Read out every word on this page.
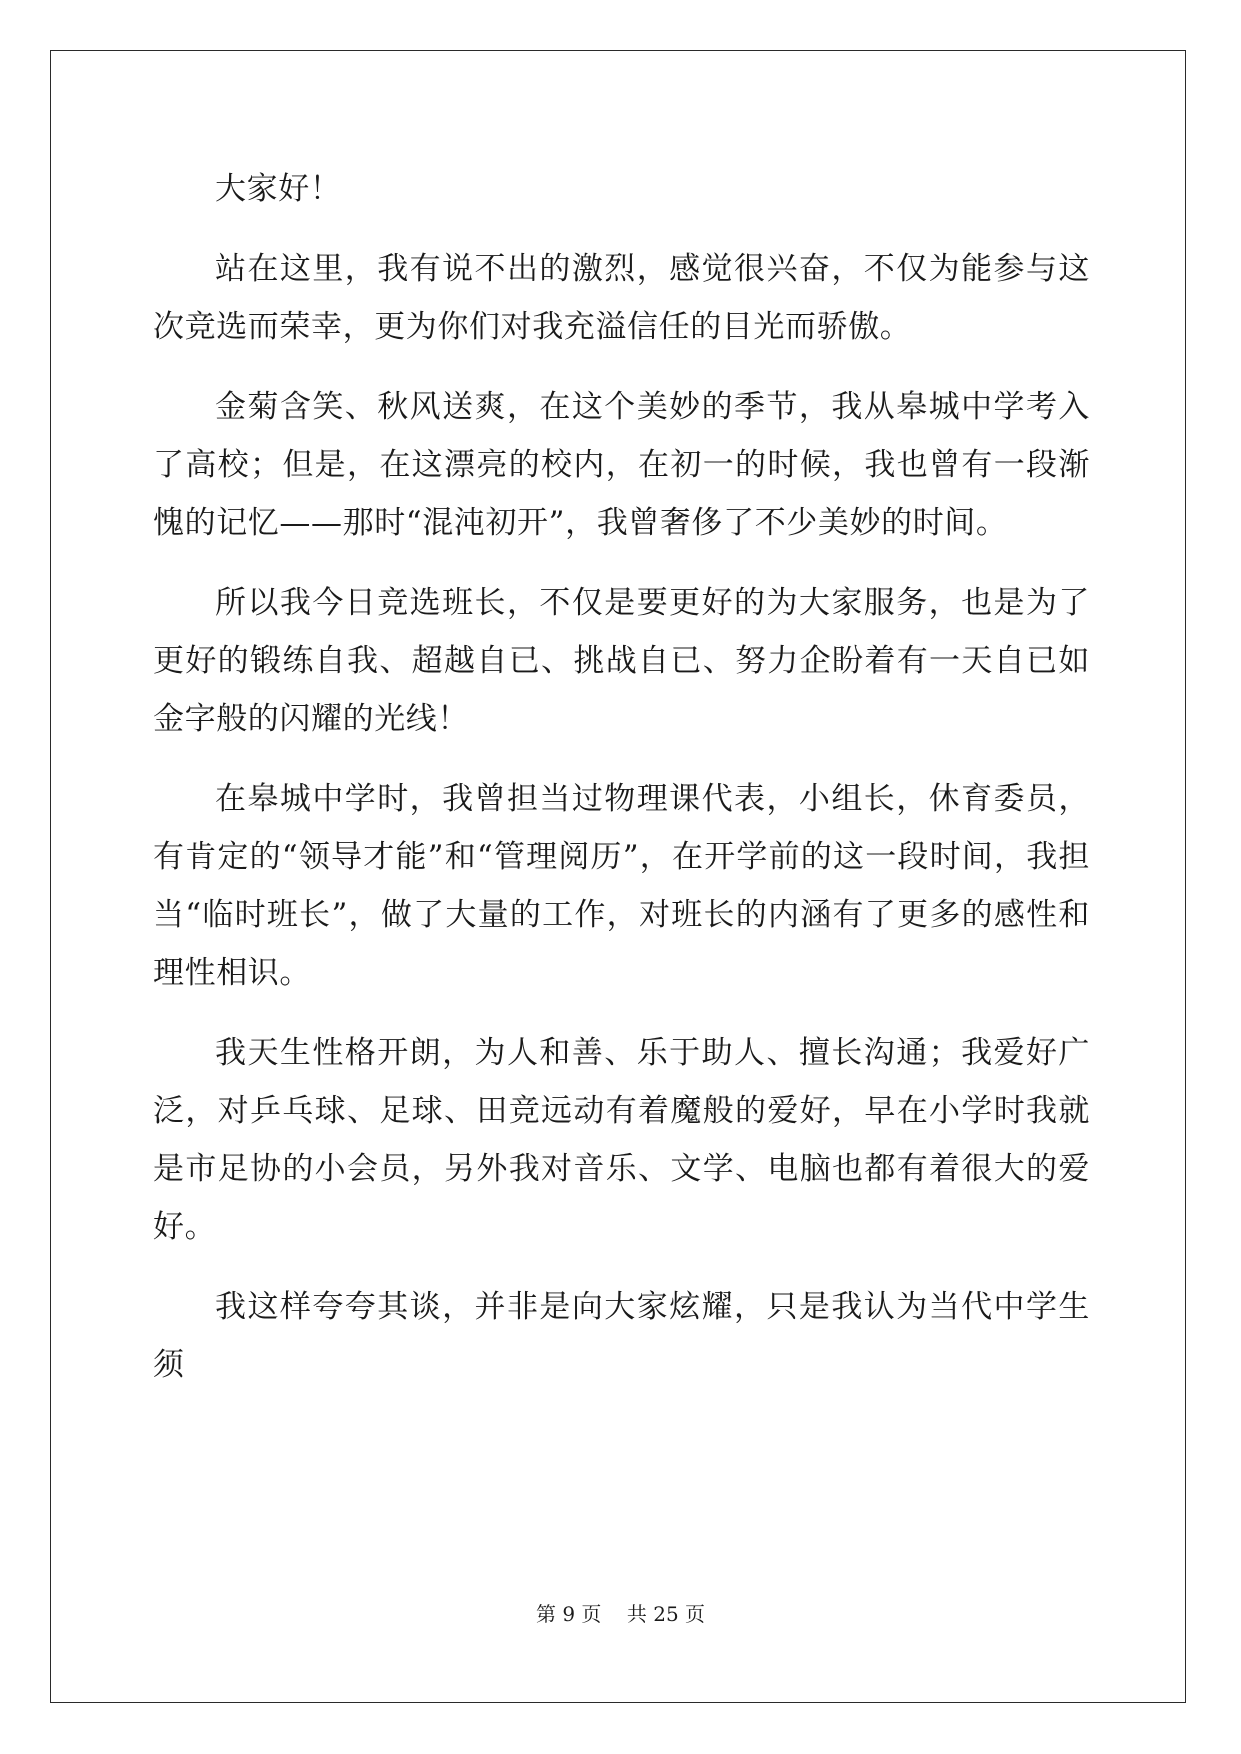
大家好！

站在这里，我有说不出的激烈，感觉很兴奋，不仅为能参与这次竞选而荣幸，更为你们对我充溢信任的目光而骄傲。

金菊含笑、秋风送爽，在这个美妙的季节，我从皋城中学考入了高校；但是，在这漂亮的校内，在初一的时候，我也曾有一段渐愧的记忆——那时“混沌初开”，我曾奢侈了不少美妙的时间。

所以我今日竞选班长，不仅是要更好的为大家服务，也是为了更好的锻练自我、超越自已、挑战自已、努力企盼着有一天自已如金字般的闪耀的光线！

在皋城中学时，我曾担当过物理课代表，小组长，休育委员，有肯定的“领导才能”和“管理阅历”，在开学前的这一段时间，我担当“临时班长”，做了大量的工作，对班长的内涵有了更多的感性和理性相识。

我天生性格开朗，为人和善、乐于助人、擅长沟通；我爱好广泛，对乒乓球、足球、田竞远动有着魔般的爱好，早在小学时我就是市足协的小会员，另外我对音乐、文学、电脑也都有着很大的爱好。

我这样夸夸其谈，并非是向大家炫耀，只是我认为当代中学生须

第 9 页 共 25 页
